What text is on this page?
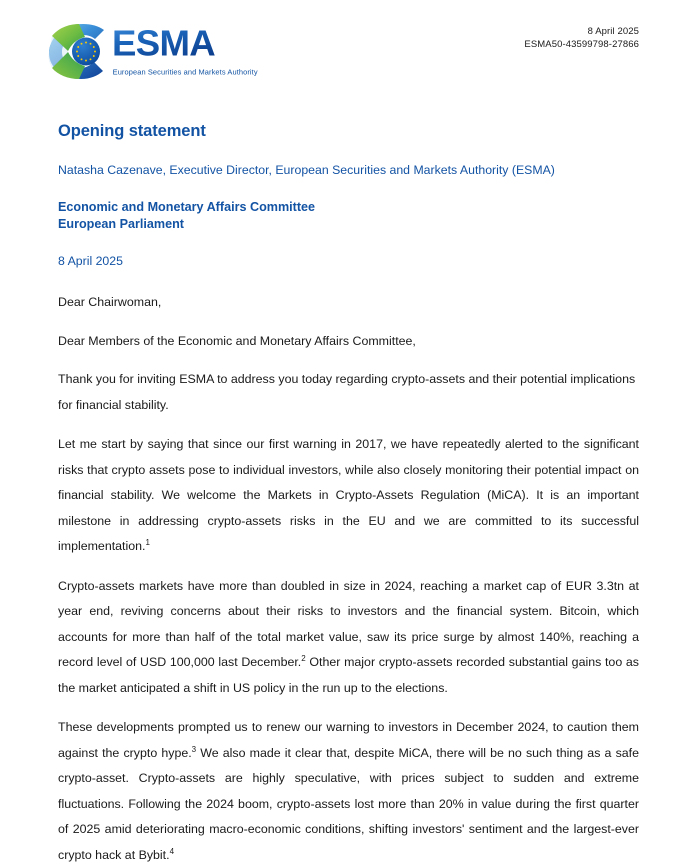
ESMA
European Securities and Markets Authority
8 April 2025
ESMA50-43599798-27866
Opening statement
Natasha Cazenave, Executive Director, European Securities and Markets Authority (ESMA)
Economic and Monetary Affairs Committee
European Parliament
8 April 2025

Dear Chairwoman,

Dear Members of the Economic and Monetary Affairs Committee,

Thank you for inviting ESMA to address you today regarding crypto-assets and their potential implications for financial stability.

Let me start by saying that since our first warning in 2017, we have repeatedly alerted to the significant risks that crypto assets pose to individual investors, while also closely monitoring their potential impact on financial stability. We welcome the Markets in Crypto-Assets Regulation (MiCA). It is an important milestone in addressing crypto-assets risks in the EU and we are committed to its successful implementation.$^1$

Crypto-assets markets have more than doubled in size in 2024, reaching a market cap of EUR 3.3tn at year end, reviving concerns about their risks to investors and the financial system. Bitcoin, which accounts for more than half of the total market value, saw its price surge by almost 140%, reaching a record level of USD 100,000 last December.$^2$ Other major crypto-assets recorded substantial gains too as the market anticipated a shift in US policy in the run up to the elections.

These developments prompted us to renew our warning to investors in December 2024, to caution them against the crypto hype.$^3$ We also made it clear that, despite MiCA, there will be no such thing as a safe crypto-asset. Crypto-assets are highly speculative, with prices subject to sudden and extreme fluctuations. Following the 2024 boom, crypto-assets lost more than 20% in value during the first quarter of 2025 amid deteriorating macro-economic conditions, shifting investors' sentiment and the largest-ever crypto hack at Bybit.$^4$
